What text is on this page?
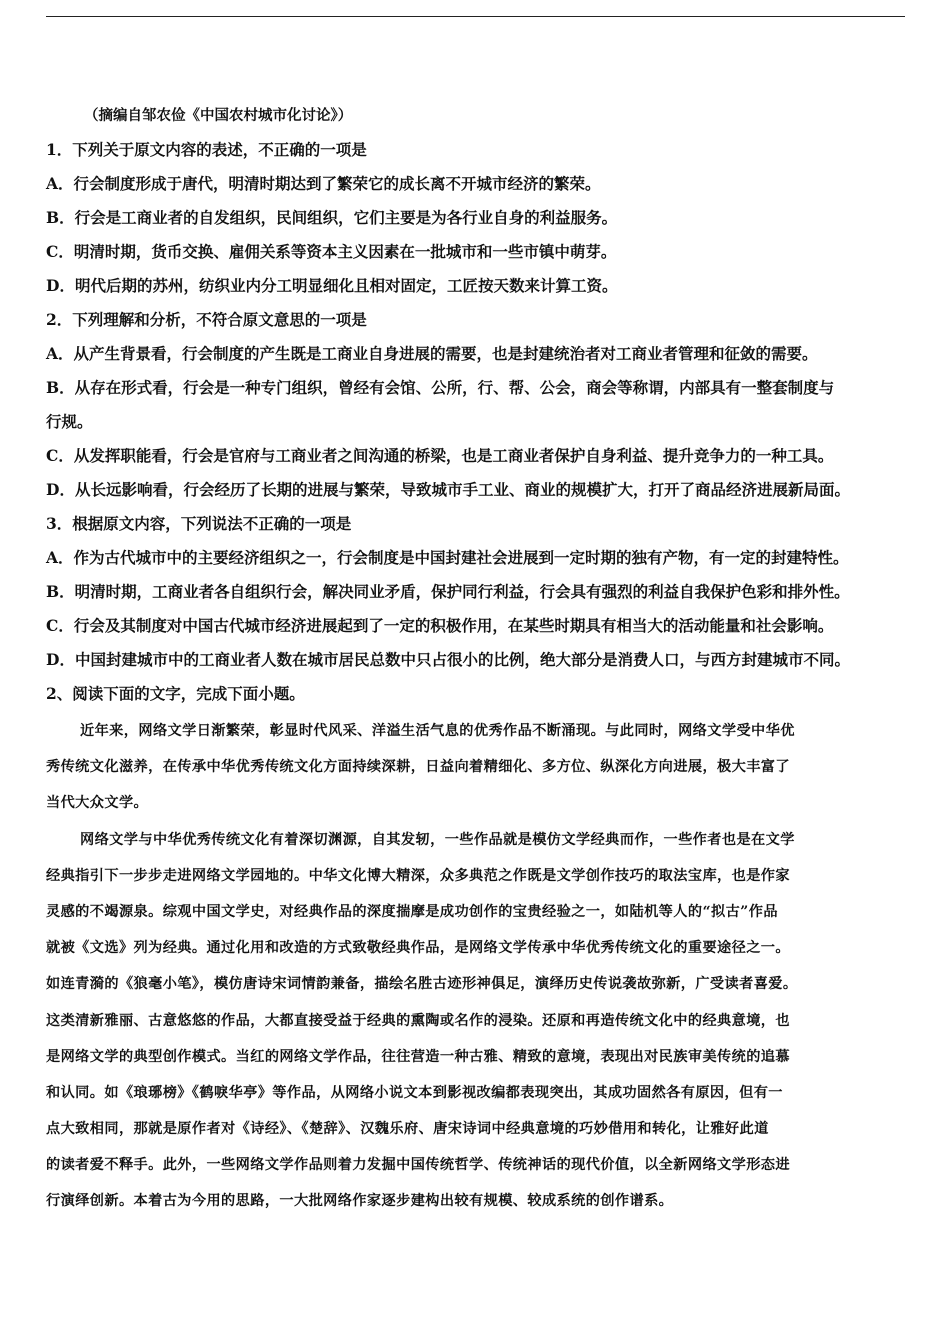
（摘编自邹农俭《中国农村城市化讨论》）
1．下列关于原文内容的表述，不正确的一项是
A．行会制度形成于唐代，明清时期达到了繁荣它的成长离不开城市经济的繁荣。
B．行会是工商业者的自发组织，民间组织，它们主要是为各行业自身的利益服务。
C．明清时期，货币交换、雇佣关系等资本主义因素在一批城市和一些市镇中萌芽。
D．明代后期的苏州，纺织业内分工明显细化且相对固定，工匠按天数来计算工资。
2．下列理解和分析，不符合原文意思的一项是
A．从产生背景看，行会制度的产生既是工商业自身进展的需要，也是封建统治者对工商业者管理和征敛的需要。
B．从存在形式看，行会是一种专门组织，曾经有会馆、公所，行、帮、公会，商会等称谓，内部具有一整套制度与
行规。
C．从发挥职能看，行会是官府与工商业者之间沟通的桥梁，也是工商业者保护自身利益、提升竞争力的一种工具。
D．从长远影响看，行会经历了长期的进展与繁荣，导致城市手工业、商业的规模扩大，打开了商品经济进展新局面。
3．根据原文内容，下列说法不正确的一项是
A．作为古代城市中的主要经济组织之一，行会制度是中国封建社会进展到一定时期的独有产物，有一定的封建特性。
B．明清时期，工商业者各自组织行会，解决同业矛盾，保护同行利益，行会具有强烈的利益自我保护色彩和排外性。
C．行会及其制度对中国古代城市经济进展起到了一定的积极作用，在某些时期具有相当大的活动能量和社会影响。
D．中国封建城市中的工商业者人数在城市居民总数中只占很小的比例，绝大部分是消费人口，与西方封建城市不同。
2、阅读下面的文字，完成下面小题。
近年来，网络文学日渐繁荣，彰显时代风采、洋溢生活气息的优秀作品不断涌现。与此同时，网络文学受中华优
秀传统文化滋养，在传承中华优秀传统文化方面持续深耕，日益向着精细化、多方位、纵深化方向进展，极大丰富了
当代大众文学。
网络文学与中华优秀传统文化有着深切渊源，自其发轫，一些作品就是模仿文学经典而作，一些作者也是在文学
经典指引下一步步走进网络文学园地的。中华文化博大精深，众多典范之作既是文学创作技巧的取法宝库，也是作家
灵感的不竭源泉。综观中国文学史，对经典作品的深度揣摩是成功创作的宝贵经验之一，如陆机等人的“拟古”作品
就被《文选》列为经典。通过化用和改造的方式致敬经典作品，是网络文学传承中华优秀传统文化的重要途径之一。
如连青漪的《狼毫小笔》，模仿唐诗宋词情韵兼备，描绘名胜古迹形神俱足，演绎历史传说袭故弥新，广受读者喜爱。
这类清新雅丽、古意悠悠的作品，大都直接受益于经典的熏陶或名作的浸染。还原和再造传统文化中的经典意境，也
是网络文学的典型创作模式。当红的网络文学作品，往往营造一种古雅、精致的意境，表现出对民族审美传统的追慕
和认同。如《琅琊榜》《鹤唳华亭》等作品，从网络小说文本到影视改编都表现突出，其成功固然各有原因，但有一
点大致相同，那就是原作者对《诗经》、《楚辞》、汉魏乐府、唐宋诗词中经典意境的巧妙借用和转化，让雅好此道
的读者爱不释手。此外，一些网络文学作品则着力发掘中国传统哲学、传统神话的现代价值，以全新网络文学形态进
行演绎创新。本着古为今用的思路，一大批网络作家逐步建构出较有规模、较成系统的创作谱系。
